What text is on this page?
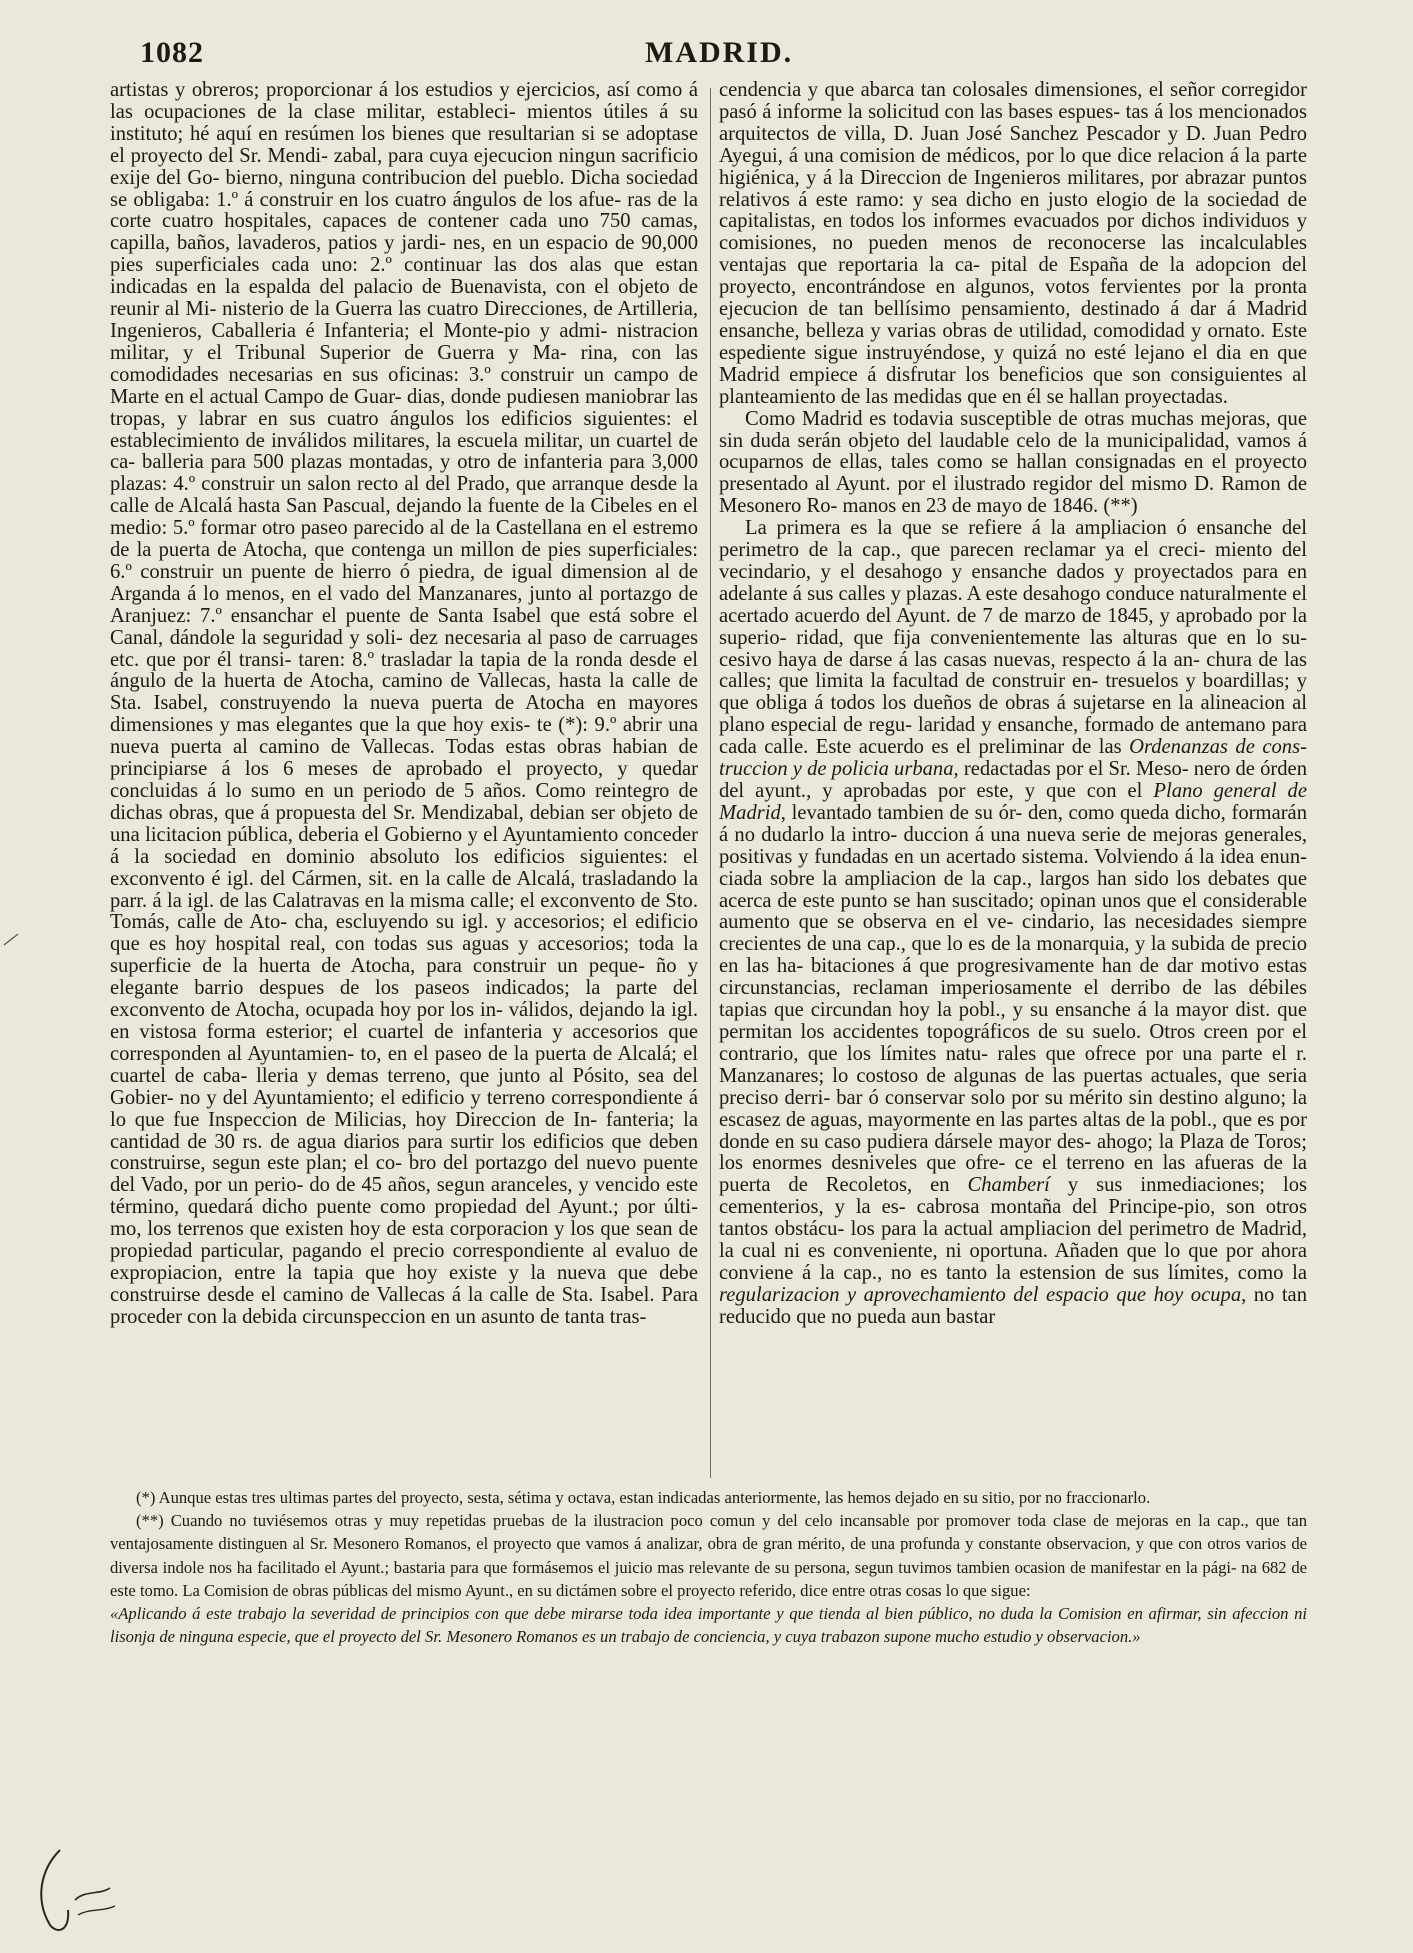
1082	MADRID.

artistas y obreros; proporcionar á los estudios y ejercicios, así como á las ocupaciones de la clase militar, estableci- mientos útiles á su instituto; hé aquí en resúmen los bienes que resultarian si se adoptase el proyecto del Sr. Mendi- zabal, para cuya ejecucion ningun sacrificio exije del Go- bierno, ninguna contribucion del pueblo. Dicha sociedad se obligaba: 1.º á construir en los cuatro ángulos de los afue- ras de la corte cuatro hospitales, capaces de contener cada uno 750 camas, capilla, baños, lavaderos, patios y jardi- nes, en un espacio de 90,000 pies superficiales cada uno: 2.º continuar las dos alas que estan indicadas en la espalda del palacio de Buenavista, con el objeto de reunir al Mi- nisterio de la Guerra las cuatro Direcciones, de Artilleria, Ingenieros, Caballeria é Infanteria; el Monte-pio y admi- nistracion militar, y el Tribunal Superior de Guerra y Ma- rina, con las comodidades necesarias en sus oficinas: 3.º construir un campo de Marte en el actual Campo de Guar- dias, donde pudiesen maniobrar las tropas, y labrar en sus cuatro ángulos los edificios siguientes: el establecimiento de inválidos militares, la escuela militar, un cuartel de ca- balleria para 500 plazas montadas, y otro de infanteria para 3,000 plazas: 4.º construir un salon recto al del Prado, que arranque desde la calle de Alcalá hasta San Pascual, dejando la fuente de la Cibeles en el medio: 5.º formar otro paseo parecido al de la Castellana en el estremo de la puerta de Atocha, que contenga un millon de pies superficiales: 6.º construir un puente de hierro ó piedra, de igual dimension al de Arganda á lo menos, en el vado del Manzanares, junto al portazgo de Aranjuez: 7.º ensanchar el puente de Santa Isabel que está sobre el Canal, dándole la seguridad y soli- dez necesaria al paso de carruages etc. que por él transi- taren: 8.º trasladar la tapia de la ronda desde el ángulo de la huerta de Atocha, camino de Vallecas, hasta la calle de Sta. Isabel, construyendo la nueva puerta de Atocha en mayores dimensiones y mas elegantes que la que hoy exis- te (*): 9.º abrir una nueva puerta al camino de Vallecas. Todas estas obras habian de principiarse á los 6 meses de aprobado el proyecto, y quedar concluidas á lo sumo en un periodo de 5 años. Como reintegro de dichas obras, que á propuesta del Sr. Mendizabal, debian ser objeto de una licitacion pública, deberia el Gobierno y el Ayuntamiento conceder á la sociedad en dominio absoluto los edificios siguientes: el exconvento é igl. del Cármen, sit. en la calle de Alcalá, trasladando la parr. á la igl. de las Calatravas en la misma calle; el exconvento de Sto. Tomás, calle de Ato- cha, escluyendo su igl. y accesorios; el edificio que es hoy hospital real, con todas sus aguas y accesorios; toda la superficie de la huerta de Atocha, para construir un peque- ño y elegante barrio despues de los paseos indicados; la parte del exconvento de Atocha, ocupada hoy por los in- válidos, dejando la igl. en vistosa forma esterior; el cuartel de infanteria y accesorios que corresponden al Ayuntamien- to, en el paseo de la puerta de Alcalá; el cuartel de caba- lleria y demas terreno, que junto al Pósito, sea del Gobier- no y del Ayuntamiento; el edificio y terreno correspondiente á lo que fue Inspeccion de Milicias, hoy Direccion de In- fanteria; la cantidad de 30 rs. de agua diarios para surtir los edificios que deben construirse, segun este plan; el co- bro del portazgo del nuevo puente del Vado, por un perio- do de 45 años, segun aranceles, y vencido este término, quedará dicho puente como propiedad del Ayunt.; por últi- mo, los terrenos que existen hoy de esta corporacion y los que sean de propiedad particular, pagando el precio correspondiente al evaluo de expropiacion, entre la tapia que hoy existe y la nueva que debe construirse desde el camino de Vallecas á la calle de Sta. Isabel. Para proceder con la debida circunspeccion en un asunto de tanta tras-

cendencia y que abarca tan colosales dimensiones, el señor corregidor pasó á informe la solicitud con las bases espues- tas á los mencionados arquitectos de villa, D. Juan José Sanchez Pescador y D. Juan Pedro Ayegui, á una comision de médicos, por lo que dice relacion á la parte higiénica, y á la Direccion de Ingenieros militares, por abrazar puntos relativos á este ramo: y sea dicho en justo elogio de la sociedad de capitalistas, en todos los informes evacuados por dichos individuos y comisiones, no pueden menos de reconocerse las incalculables ventajas que reportaria la ca- pital de España de la adopcion del proyecto, encontrándose en algunos, votos fervientes por la pronta ejecucion de tan bellísimo pensamiento, destinado á dar á Madrid ensanche, belleza y varias obras de utilidad, comodidad y ornato. Este espediente sigue instruyéndose, y quizá no esté lejano el dia en que Madrid empiece á disfrutar los beneficios que son consiguientes al planteamiento de las medidas que en él se hallan proyectadas.

Como Madrid es todavia susceptible de otras muchas mejoras, que sin duda serán objeto del laudable celo de la municipalidad, vamos á ocuparnos de ellas, tales como se hallan consignadas en el proyecto presentado al Ayunt. por el ilustrado regidor del mismo D. Ramon de Mesonero Ro- manos en 23 de mayo de 1846. (**)

La primera es la que se refiere á la ampliacion ó ensanche del perimetro de la cap., que parecen reclamar ya el creci- miento del vecindario, y el desahogo y ensanche dados y proyectados para en adelante á sus calles y plazas. A este desahogo conduce naturalmente el acertado acuerdo del Ayunt. de 7 de marzo de 1845, y aprobado por la superio- ridad, que fija convenientemente las alturas que en lo su- cesivo haya de darse á las casas nuevas, respecto á la an- chura de las calles; que limita la facultad de construir en- tresuelos y boardillas; y que obliga á todos los dueños de obras á sujetarse en la alineacion al plano especial de regu- laridad y ensanche, formado de antemano para cada calle. Este acuerdo es el preliminar de las Ordenanzas de cons- truccion y de policia urbana, redactadas por el Sr. Meso- nero de órden del ayunt., y aprobadas por este, y que con el Plano general de Madrid, levantado tambien de su ór- den, como queda dicho, formarán á no dudarlo la intro- duccion á una nueva serie de mejoras generales, positivas y fundadas en un acertado sistema. Volviendo á la idea enun- ciada sobre la ampliacion de la cap., largos han sido los debates que acerca de este punto se han suscitado; opinan unos que el considerable aumento que se observa en el ve- cindario, las necesidades siempre crecientes de una cap., que lo es de la monarquia, y la subida de precio en las ha- bitaciones á que progresivamente han de dar motivo estas circunstancias, reclaman imperiosamente el derribo de las débiles tapias que circundan hoy la pobl., y su ensanche á la mayor dist. que permitan los accidentes topográficos de su suelo. Otros creen por el contrario, que los límites natu- rales que ofrece por una parte el r. Manzanares; lo costoso de algunas de las puertas actuales, que seria preciso derri- bar ó conservar solo por su mérito sin destino alguno; la escasez de aguas, mayormente en las partes altas de la pobl., que es por donde en su caso pudiera dársele mayor des- ahogo; la Plaza de Toros; los enormes desniveles que ofre- ce el terreno en las afueras de la puerta de Recoletos, en Chamberí y sus inmediaciones; los cementerios, y la es- cabrosa montaña del Principe-pio, son otros tantos obstácu- los para la actual ampliacion del perimetro de Madrid, la cual ni es conveniente, ni oportuna. Añaden que lo que por ahora conviene á la cap., no es tanto la estension de sus límites, como la regularizacion y aprovechamiento del espacio que hoy ocupa, no tan reducido que no pueda aun bastar

(*) Aunque estas tres ultimas partes del proyecto, sesta, sétima y octava, estan indicadas anteriormente, las hemos dejado en su sitio, por no fraccionarlo.

(**) Cuando no tuviésemos otras y muy repetidas pruebas de la ilustracion poco comun y del celo incansable por promover toda clase de mejoras en la cap., que tan ventajosamente distinguen al Sr. Mesonero Romanos, el proyecto que vamos á analizar, obra de gran mérito, de una profunda y constante observacion, y que con otros varios de diversa indole nos ha facilitado el Ayunt.; bastaria para que formásemos el juicio mas relevante de su persona, segun tuvimos tambien ocasion de manifestar en la pági- na 682 de este tomo. La Comision de obras públicas del mismo Ayunt., en su dictámen sobre el proyecto referido, dice entre otras cosas lo que sigue:

«Aplicando á este trabajo la severidad de principios con que debe mirarse toda idea importante y que tienda al bien público, no duda la Comision en afirmar, sin afeccion ni lisonja de ninguna especie, que el proyecto del Sr. Mesonero Romanos es un trabajo de conciencia, y cuya trabazon supone mucho estudio y observacion.»
